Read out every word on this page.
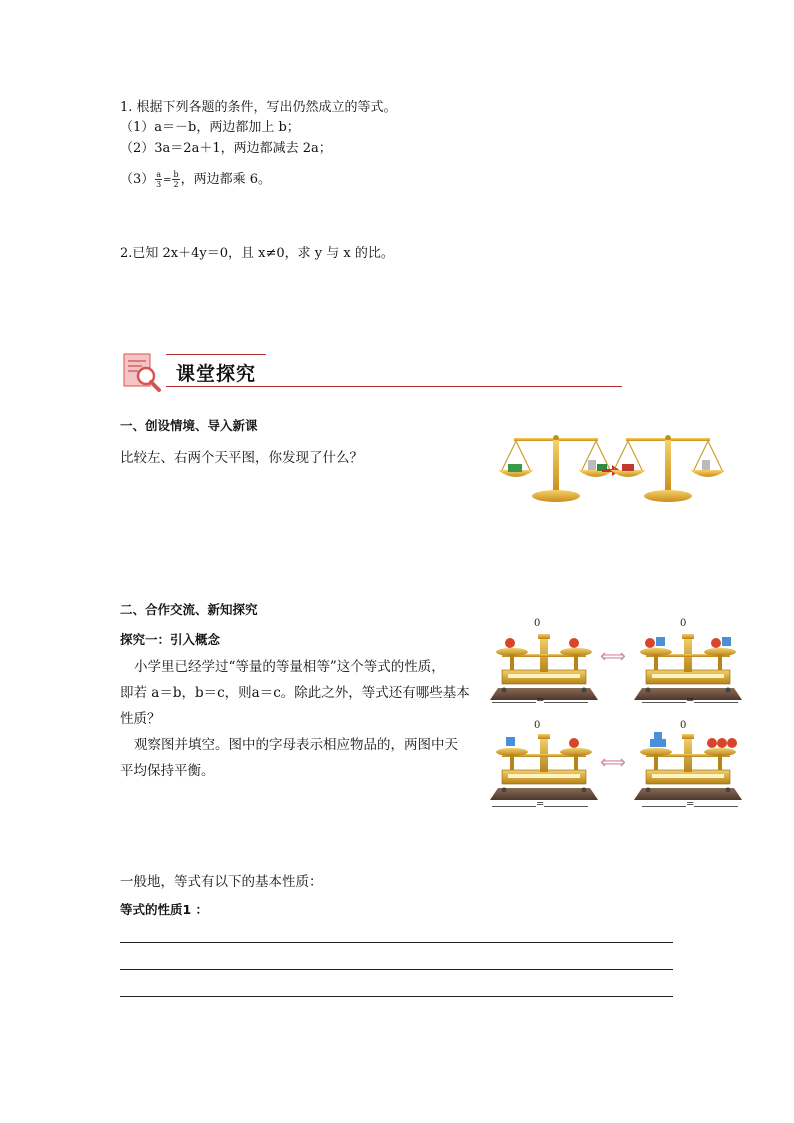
1. 根据下列各题的条件，写出仍然成立的等式。
（1）a＝－b，两边都加上 b；
（2）3a＝2a＋1，两边都减去 2a；
$(3) \frac{a}{3} = \frac{b}{2}$ ，两边都乘 6。
2.已知 2x＋4y＝0，且 x≠0，求 y 与 x 的比。
课堂探究
一、创设情境、导入新课
比较左、右两个天平图，你发现了什么？
二、合作交流、新知探究
探究一：引入概念
小学里已经学过“等量的等量相等”这个等式的性质，
即若 a＝b，b＝c，则a＝c。除此之外，等式还有哪些基本
性质？
观察图并填空。图中的字母表示相应物品的，两图中天
平均保持平衡。
0	0
0	0
⟺
⟺
=	=
=	=
一般地，等式有以下的基本性质：
等式的性质1 ：
